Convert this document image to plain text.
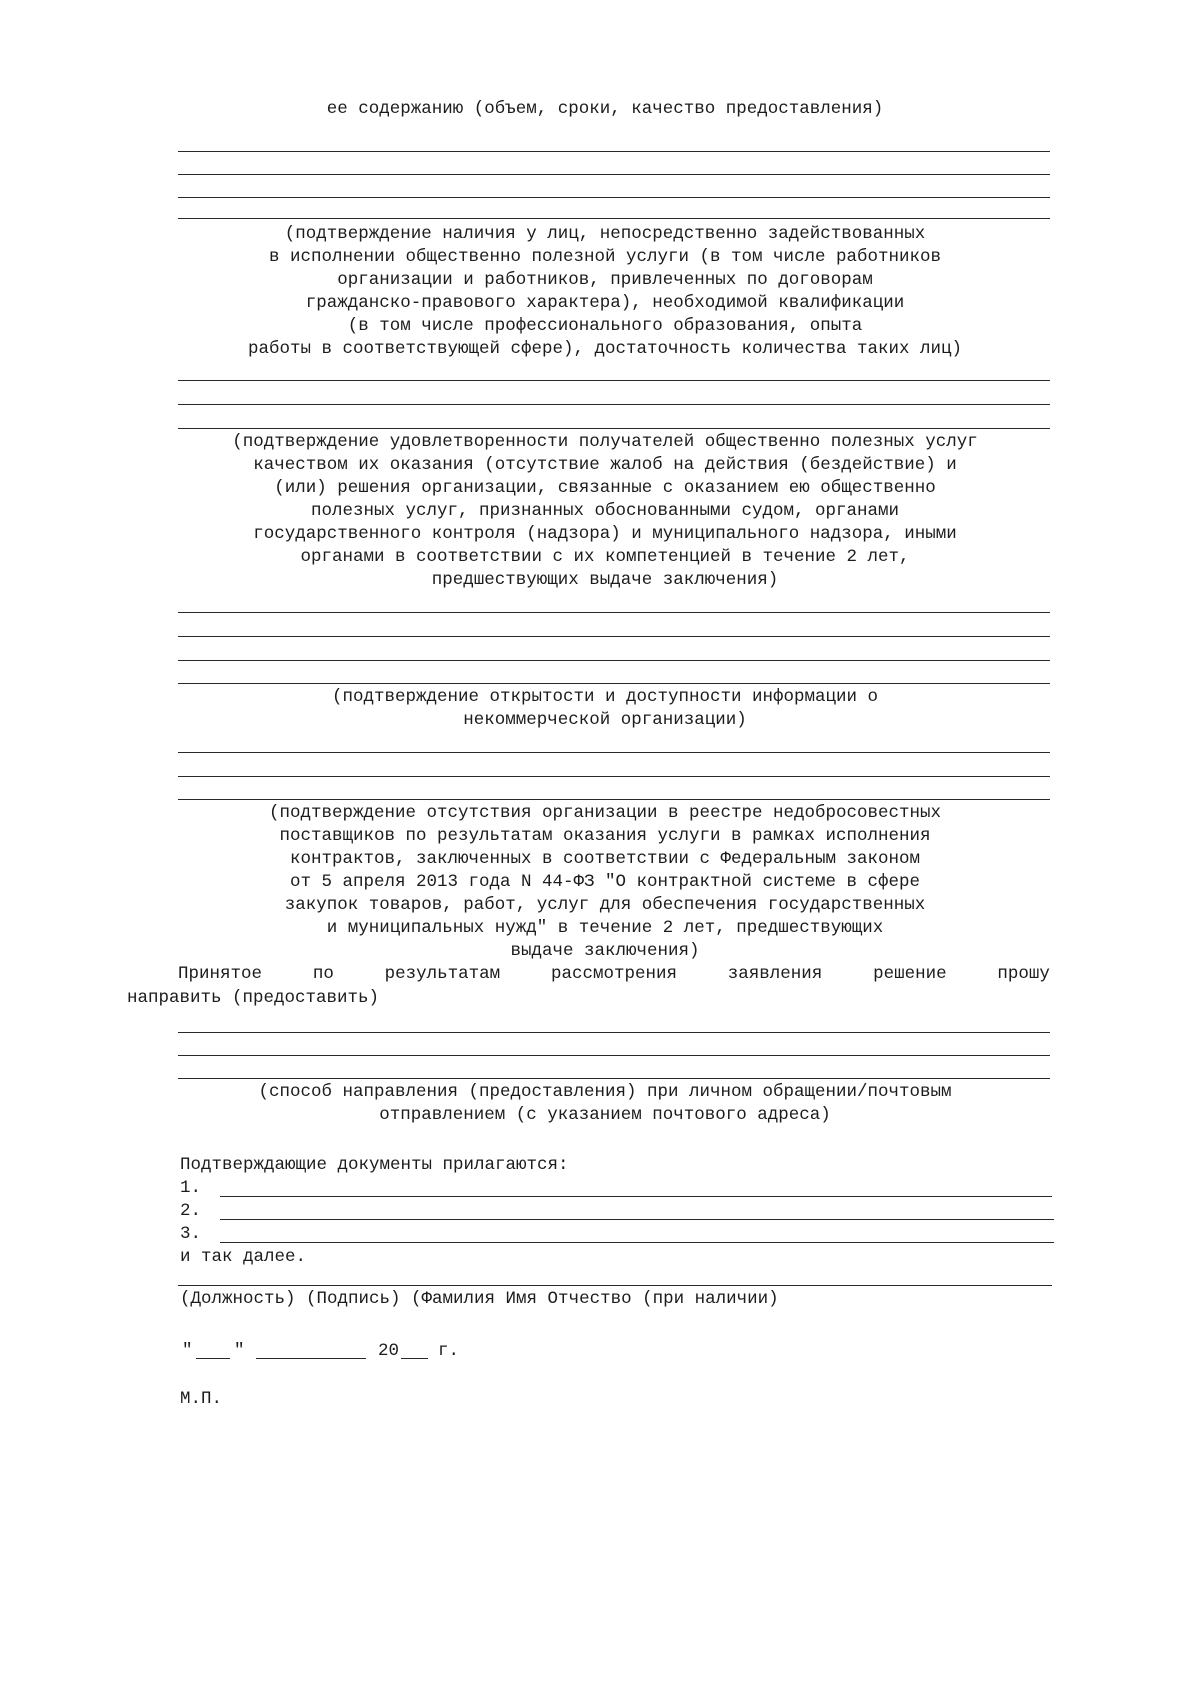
ее содержанию (объем, сроки, качество предоставления)
(подтверждение наличия у лиц, непосредственно задействованных
в исполнении общественно полезной услуги (в том числе работников
организации и работников, привлеченных по договорам
гражданско-правового характера), необходимой квалификации
(в том числе профессионального образования, опыта
работы в соответствующей сфере), достаточность количества таких лиц)
(подтверждение удовлетворенности получателей общественно полезных услуг
качеством их оказания (отсутствие жалоб на действия (бездействие) и
(или) решения организации, связанные с оказанием ею общественно
полезных услуг, признанных обоснованными судом, органами
государственного контроля (надзора) и муниципального надзора, иными
органами в соответствии с их компетенцией в течение 2 лет,
предшествующих выдаче заключения)
(подтверждение открытости и доступности информации о
некоммерческой организации)
(подтверждение отсутствия организации в реестре недобросовестных
поставщиков по результатам оказания услуги в рамках исполнения
контрактов, заключенных в соответствии с Федеральным законом
от 5 апреля 2013 года N 44-ФЗ "О контрактной системе в сфере
закупок товаров, работ, услуг для обеспечения государственных
и муниципальных нужд" в течение 2 лет, предшествующих
выдаче заключения)
Принятое	по	результатам	рассмотрения	заявления	решение	прошу
направить (предоставить)
(способ направления (предоставления) при личном обращении/почтовым
отправлением (с указанием почтового адреса)
Подтверждающие документы прилагаются:
1.
2.
3.
и так далее.
(Должность) (Подпись) (Фамилия Имя Отчество (при наличии)
" "	20 г.
М.П.
